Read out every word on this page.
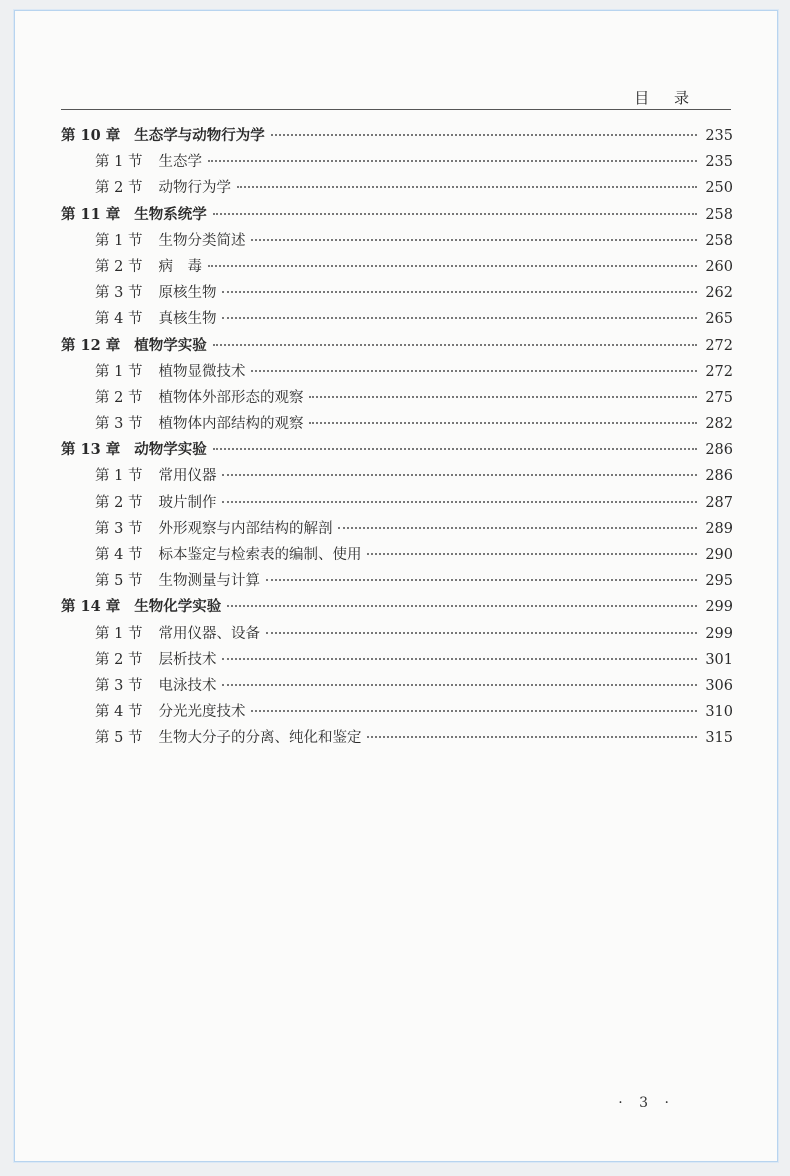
目 录
第 10 章 生态学与动物行为学	235
第 1 节 生态学	235
第 2 节 动物行为学	250
第 11 章 生物系统学	258
第 1 节 生物分类简述	258
第 2 节 病　毒	260
第 3 节 原核生物	262
第 4 节 真核生物	265
第 12 章 植物学实验	272
第 1 节 植物显微技术	272
第 2 节 植物体外部形态的观察	275
第 3 节 植物体内部结构的观察	282
第 13 章 动物学实验	286
第 1 节 常用仪器	286
第 2 节 玻片制作	287
第 3 节 外形观察与内部结构的解剖	289
第 4 节 标本鉴定与检索表的编制、使用	290
第 5 节 生物测量与计算	295
第 14 章 生物化学实验	299
第 1 节 常用仪器、设备	299
第 2 节 层析技术	301
第 3 节 电泳技术	306
第 4 节 分光光度技术	310
第 5 节 生物大分子的分离、纯化和鉴定	315
· 3 ·
